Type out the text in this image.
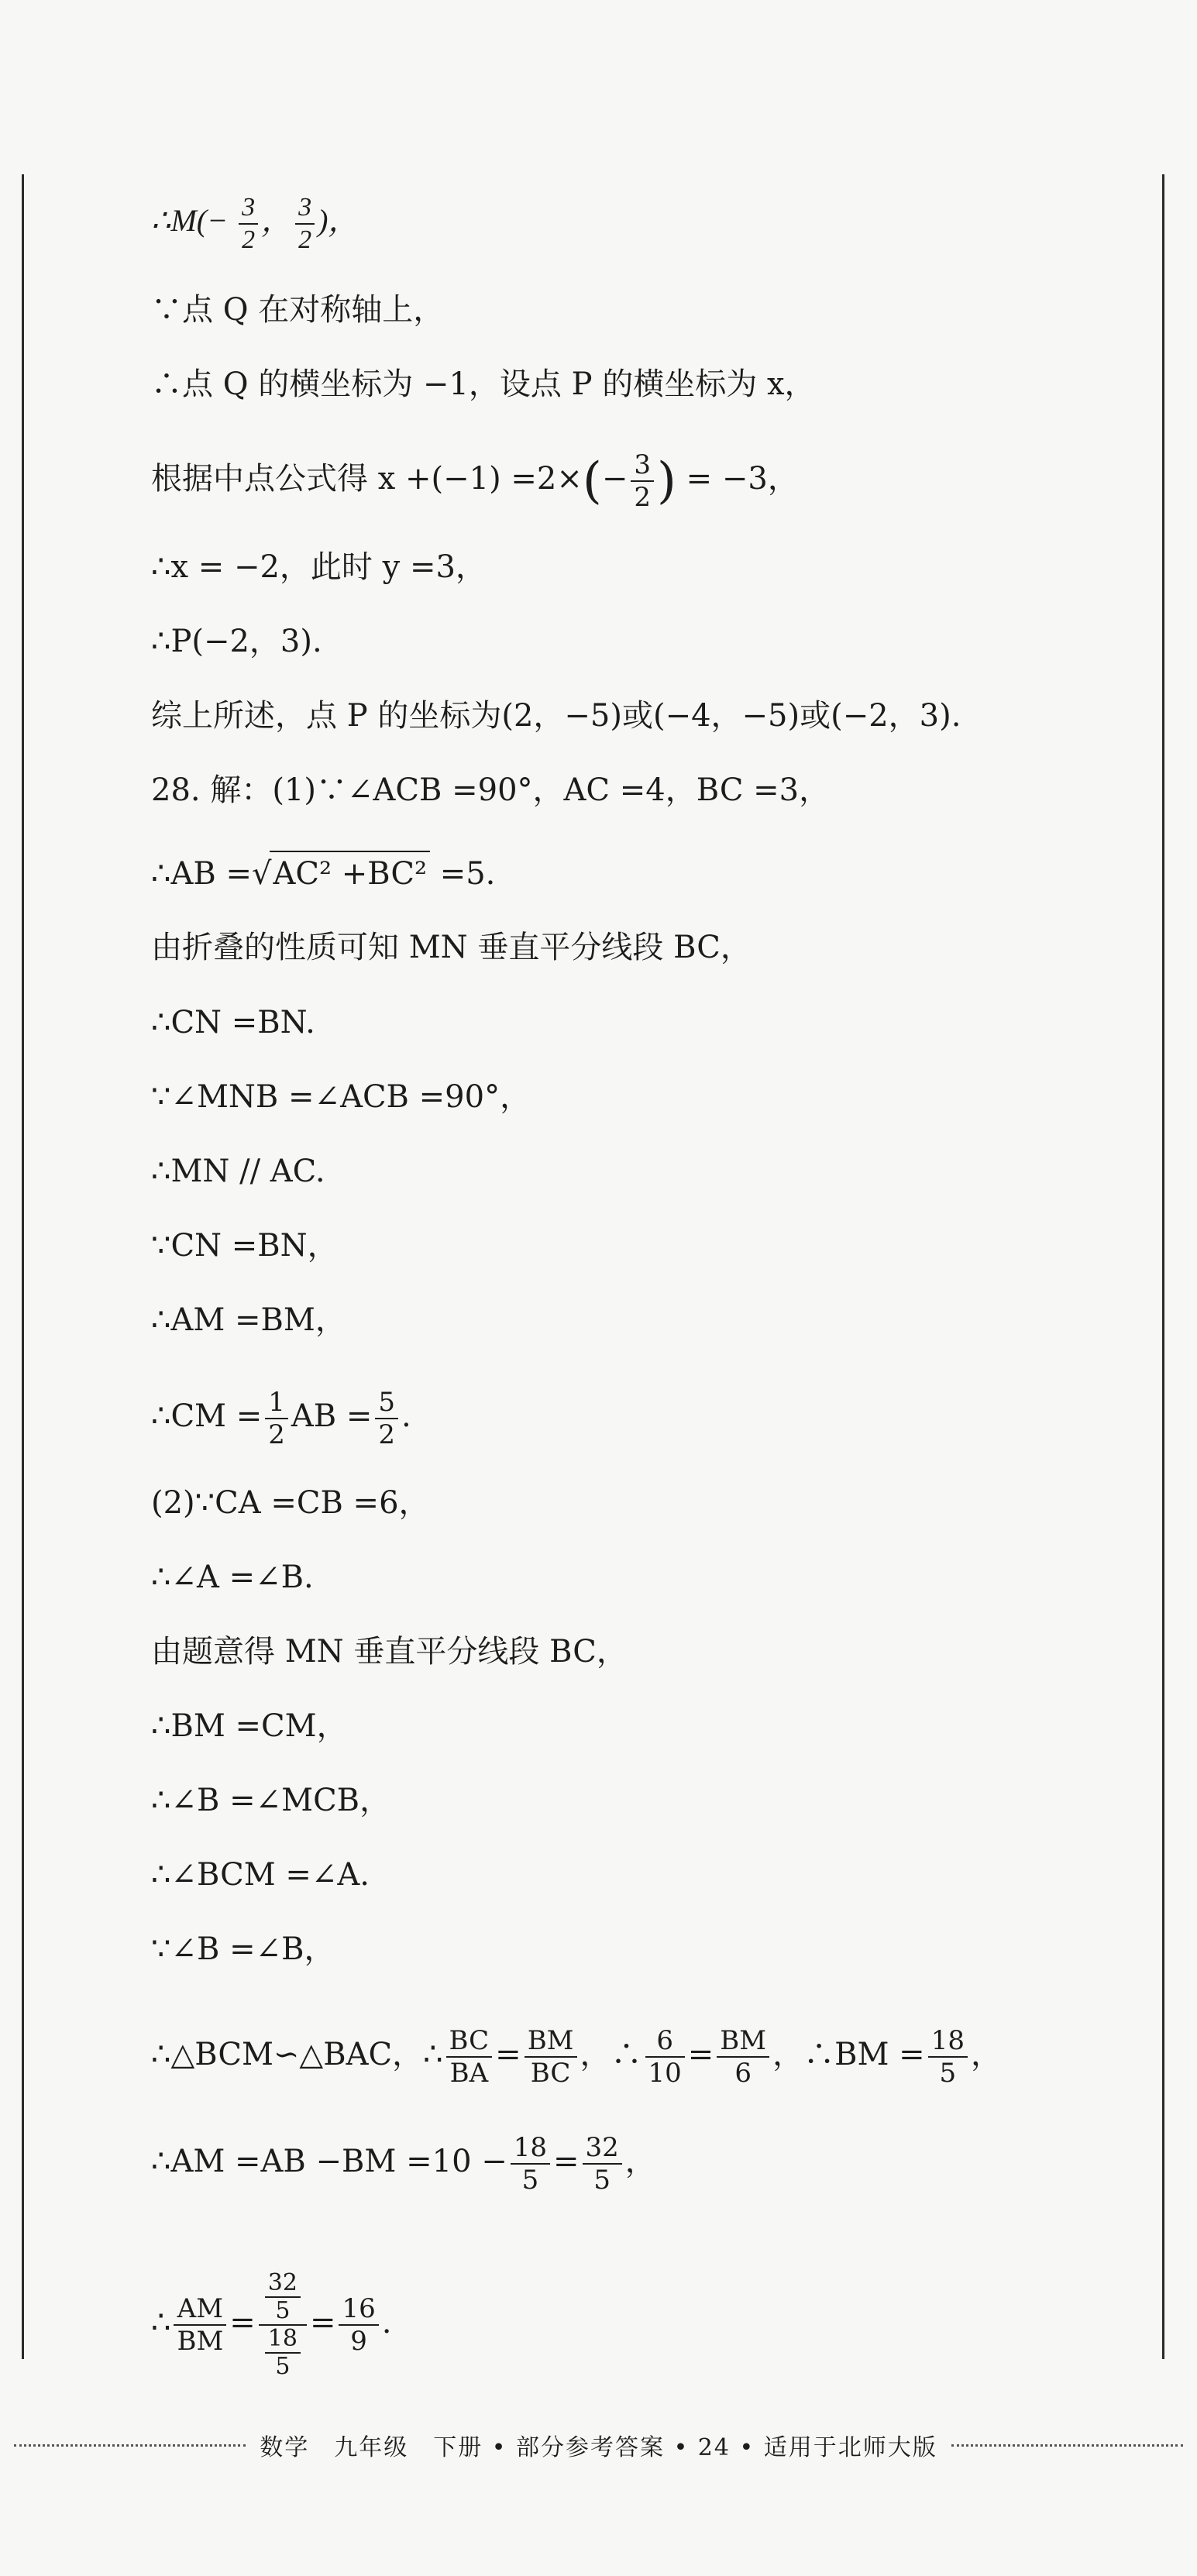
∴M(− $\frac{3}{2}$ ， $\frac{3}{2}$ )，
∵点 Q 在对称轴上，
∴点 Q 的横坐标为 −1，设点 P 的横坐标为 x，
根据中点公式得 $x +(-1) =2\times(- \frac{3}{2}$ ) = −3，
∴x = −2，此时 y =3，
∴P(−2，3).
综上所述，点 P 的坐标为(2，−5)或(−4，−5)或(−2，3).
28. 解：(1)∵∠ACB =90°，AC =4，BC =3，
∴AB =√AC² +BC² =5.
由折叠的性质可知 MN 垂直平分线段 BC，
∴CN =BN.
∵∠MNB =∠ACB =90°，
∴MN // AC.
∵CN =BN，
∴AM =BM，
∴CM = $\frac{1}{2}$ AB = $\frac{5}{2}$ .
(2)∵CA =CB =6，
∴∠A =∠B.
由题意得 MN 垂直平分线段 BC，
∴BM =CM，
∴∠B =∠MCB，
∴∠BCM =∠A.
∵∠B =∠B，
∴△BCM∽△BAC，∴ $\frac{BC}{BA} = \frac{BM}{BC}$ ，∴ $\frac{6}{10} = \frac{BM}{6}$ ，∴BM = $\frac{18}{5}$ ，
∴AM $=AB -BM =10 - \frac{18}{5} = \frac{32}{5}$ ，
∴ $\frac{AM}{BM} = \frac{\frac{32}{5}}{\frac{18}{5}} = \frac{16}{9}$ .
数学　九年级　下册 • 部分参考答案 • 24 • 适用于北师大版
